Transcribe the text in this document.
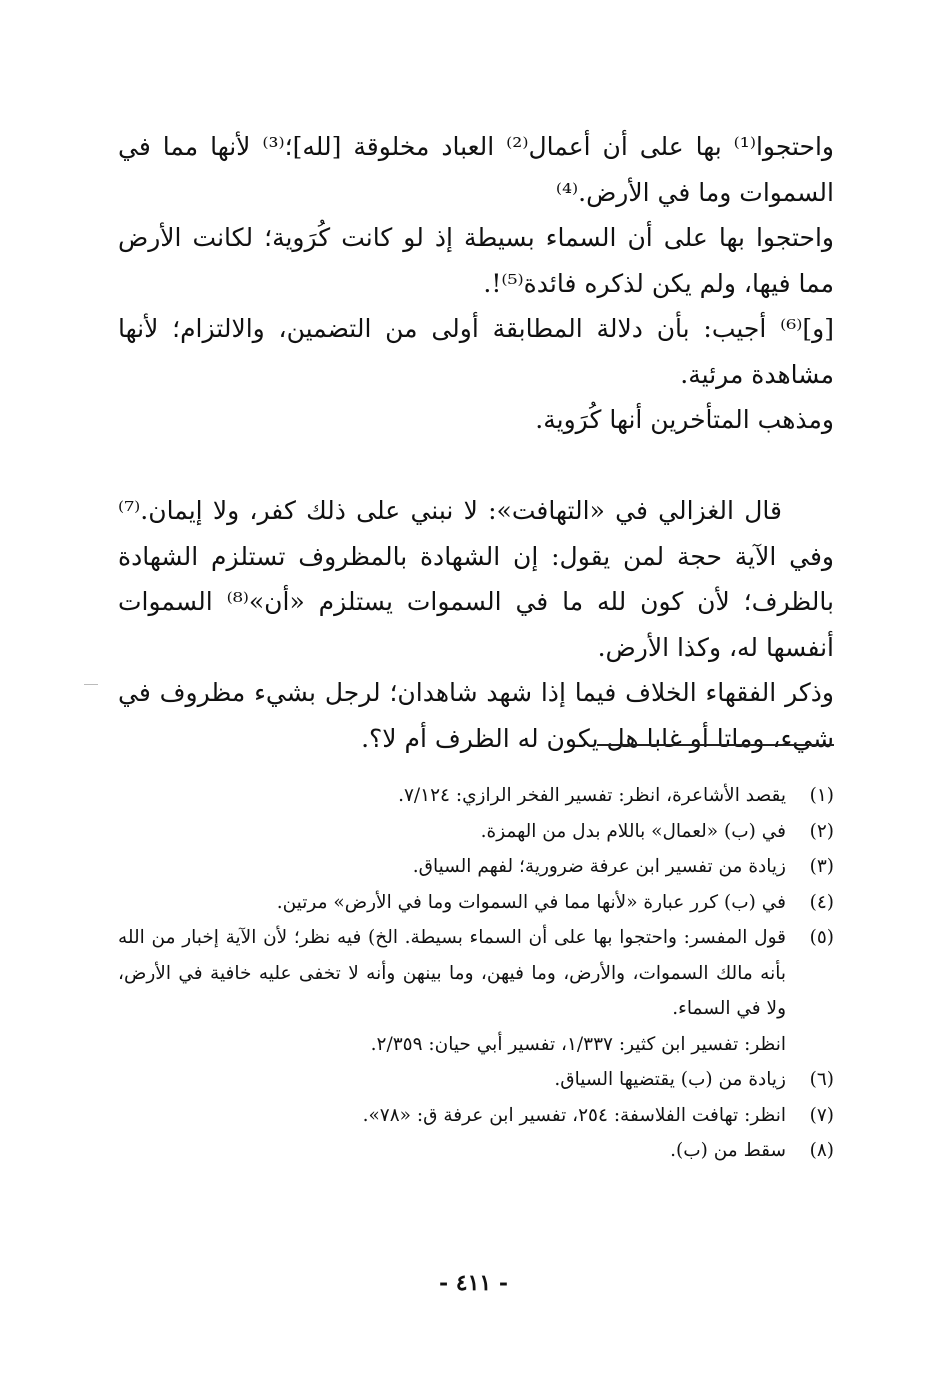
واحتجوا⁽¹⁾ بها على أن أعمال⁽²⁾ العباد مخلوقة [لله]؛⁽³⁾ لأنها مما في السموات وما في الأرض.⁽⁴⁾

واحتجوا بها على أن السماء بسيطة إذ لو كانت كُرَوية؛ لكانت الأرض مما فيها، ولم يكن لذكره فائدة⁽⁵⁾!.

[و]⁽⁶⁾ أجيب: بأن دلالة المطابقة أولى من التضمين، والالتزام؛ لأنها مشاهدة مرئية.

ومذهب المتأخرين أنها كُرَوية.

قال الغزالي في «التهافت»: لا نبني على ذلك كفر، ولا إيمان.⁽⁷⁾ وفي الآية حجة لمن يقول: إن الشهادة بالمظروف تستلزم الشهادة بالظرف؛ لأن كون لله ما في السموات يستلزم «أن»⁽⁸⁾ السموات أنفسها له، وكذا الأرض.

وذكر الفقهاء الخلاف فيما إذا شهد شاهدان؛ لرجل بشيء مظروف في شيء، وماتا أو غابا هل يكون له الظرف أم لا؟.

(١)
يقصد الأشاعرة، انظر: تفسير الفخر الرازي: ٧/١٢٤.

(٢)
في (ب) «لعمال» باللام بدل من الهمزة.

(٣)
زيادة من تفسير ابن عرفة ضرورية؛ لفهم السياق.

(٤)
في (ب) كرر عبارة «لأنها مما في السموات وما في الأرض» مرتين.

(٥)
قول المفسر: واحتجوا بها على أن السماء بسيطة. الخ) فيه نظر؛ لأن الآية إخبار من الله بأنه مالك السموات، والأرض، وما فيهن، وما بينهن وأنه لا تخفى عليه خافية في الأرض، ولا في السماء.

انظر: تفسير ابن كثير: ١/٣٣٧، تفسير أبي حيان: ٢/٣٥٩.

(٦)
زيادة من (ب) يقتضيها السياق.

(٧)
انظر: تهافت الفلاسفة: ٢٥٤، تفسير ابن عرفة ق: «٧٨».

(٨)
سقط من (ب).

- ٤١١ -
